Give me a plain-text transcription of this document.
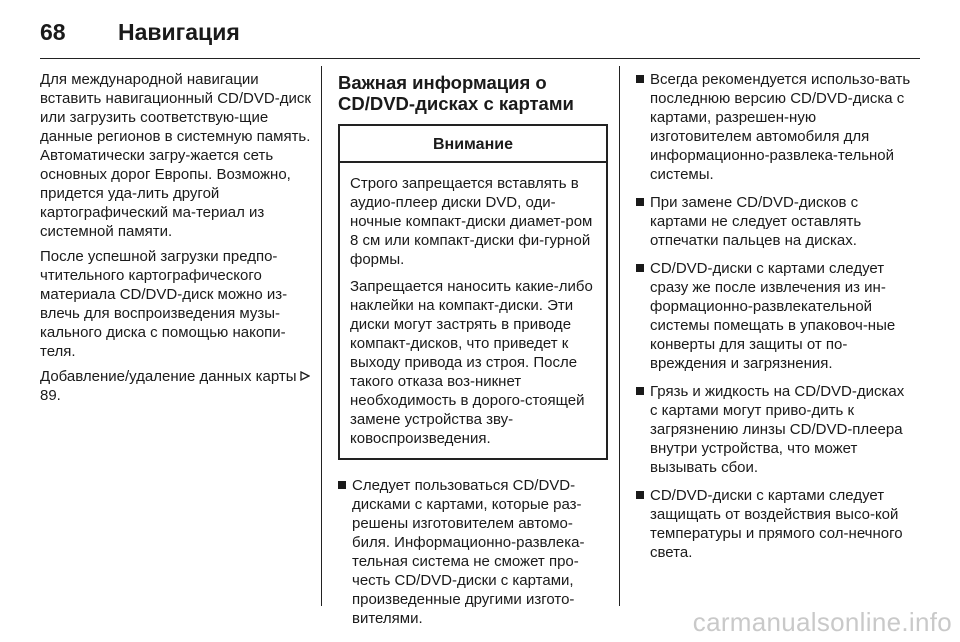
68	Навигация

Для международной навигации вставить навигационный CD/DVD-диск или загрузить соответствую-щие данные регионов в системную память. Автоматически загру-жается сеть основных дорог Европы. Возможно, придется уда-лить другой картографический ма-териал из системной памяти.

После успешной загрузки предпо-чтительного картографического материала CD/DVD-диск можно из-влечь для воспроизведения музы-кального диска с помощью накопи-теля.

Добавление/удаление данных карты
89.

Важная информация о CD/DVD-дисках с картами
Внимание

Строго запрещается вставлять в аудио-плеер диски DVD, оди-ночные компакт-диски диамет-ром 8 см или компакт-диски фи-гурной формы.

Запрещается наносить какие-либо наклейки на компакт-диски. Эти диски могут застрять в приводе компакт-дисков, что приведет к выходу привода из строя. После такого отказа воз-никнет необходимость в дорого-стоящей замене устройства зву-ковоспроизведения.

Следует пользоваться CD/DVD-дисками с картами, которые раз-решены изготовителем автомо-биля. Информационно-развлека-тельная система не сможет про-честь CD/DVD-диски с картами, произведенные другими изгото-вителями.
Всегда рекомендуется использо-вать последнюю версию CD/DVD-диска с картами, разрешен-ную изготовителем автомобиля для информационно-развлека-тельной системы.
При замене CD/DVD-дисков с картами не следует оставлять отпечатки пальцев на дисках.
CD/DVD-диски с картами следует сразу же после извлечения из ин-формационно-развлекательной системы помещать в упаковоч-ные конверты для защиты от по-вреждения и загрязнения.
Грязь и жидкость на CD/DVD-дисках с картами могут приво-дить к загрязнению линзы CD/DVD-плеера внутри устройства, что может вызывать сбои.
CD/DVD-диски с картами следует защищать от воздействия высо-кой температуры и прямого сол-нечного света.
carmanualsonline.info
